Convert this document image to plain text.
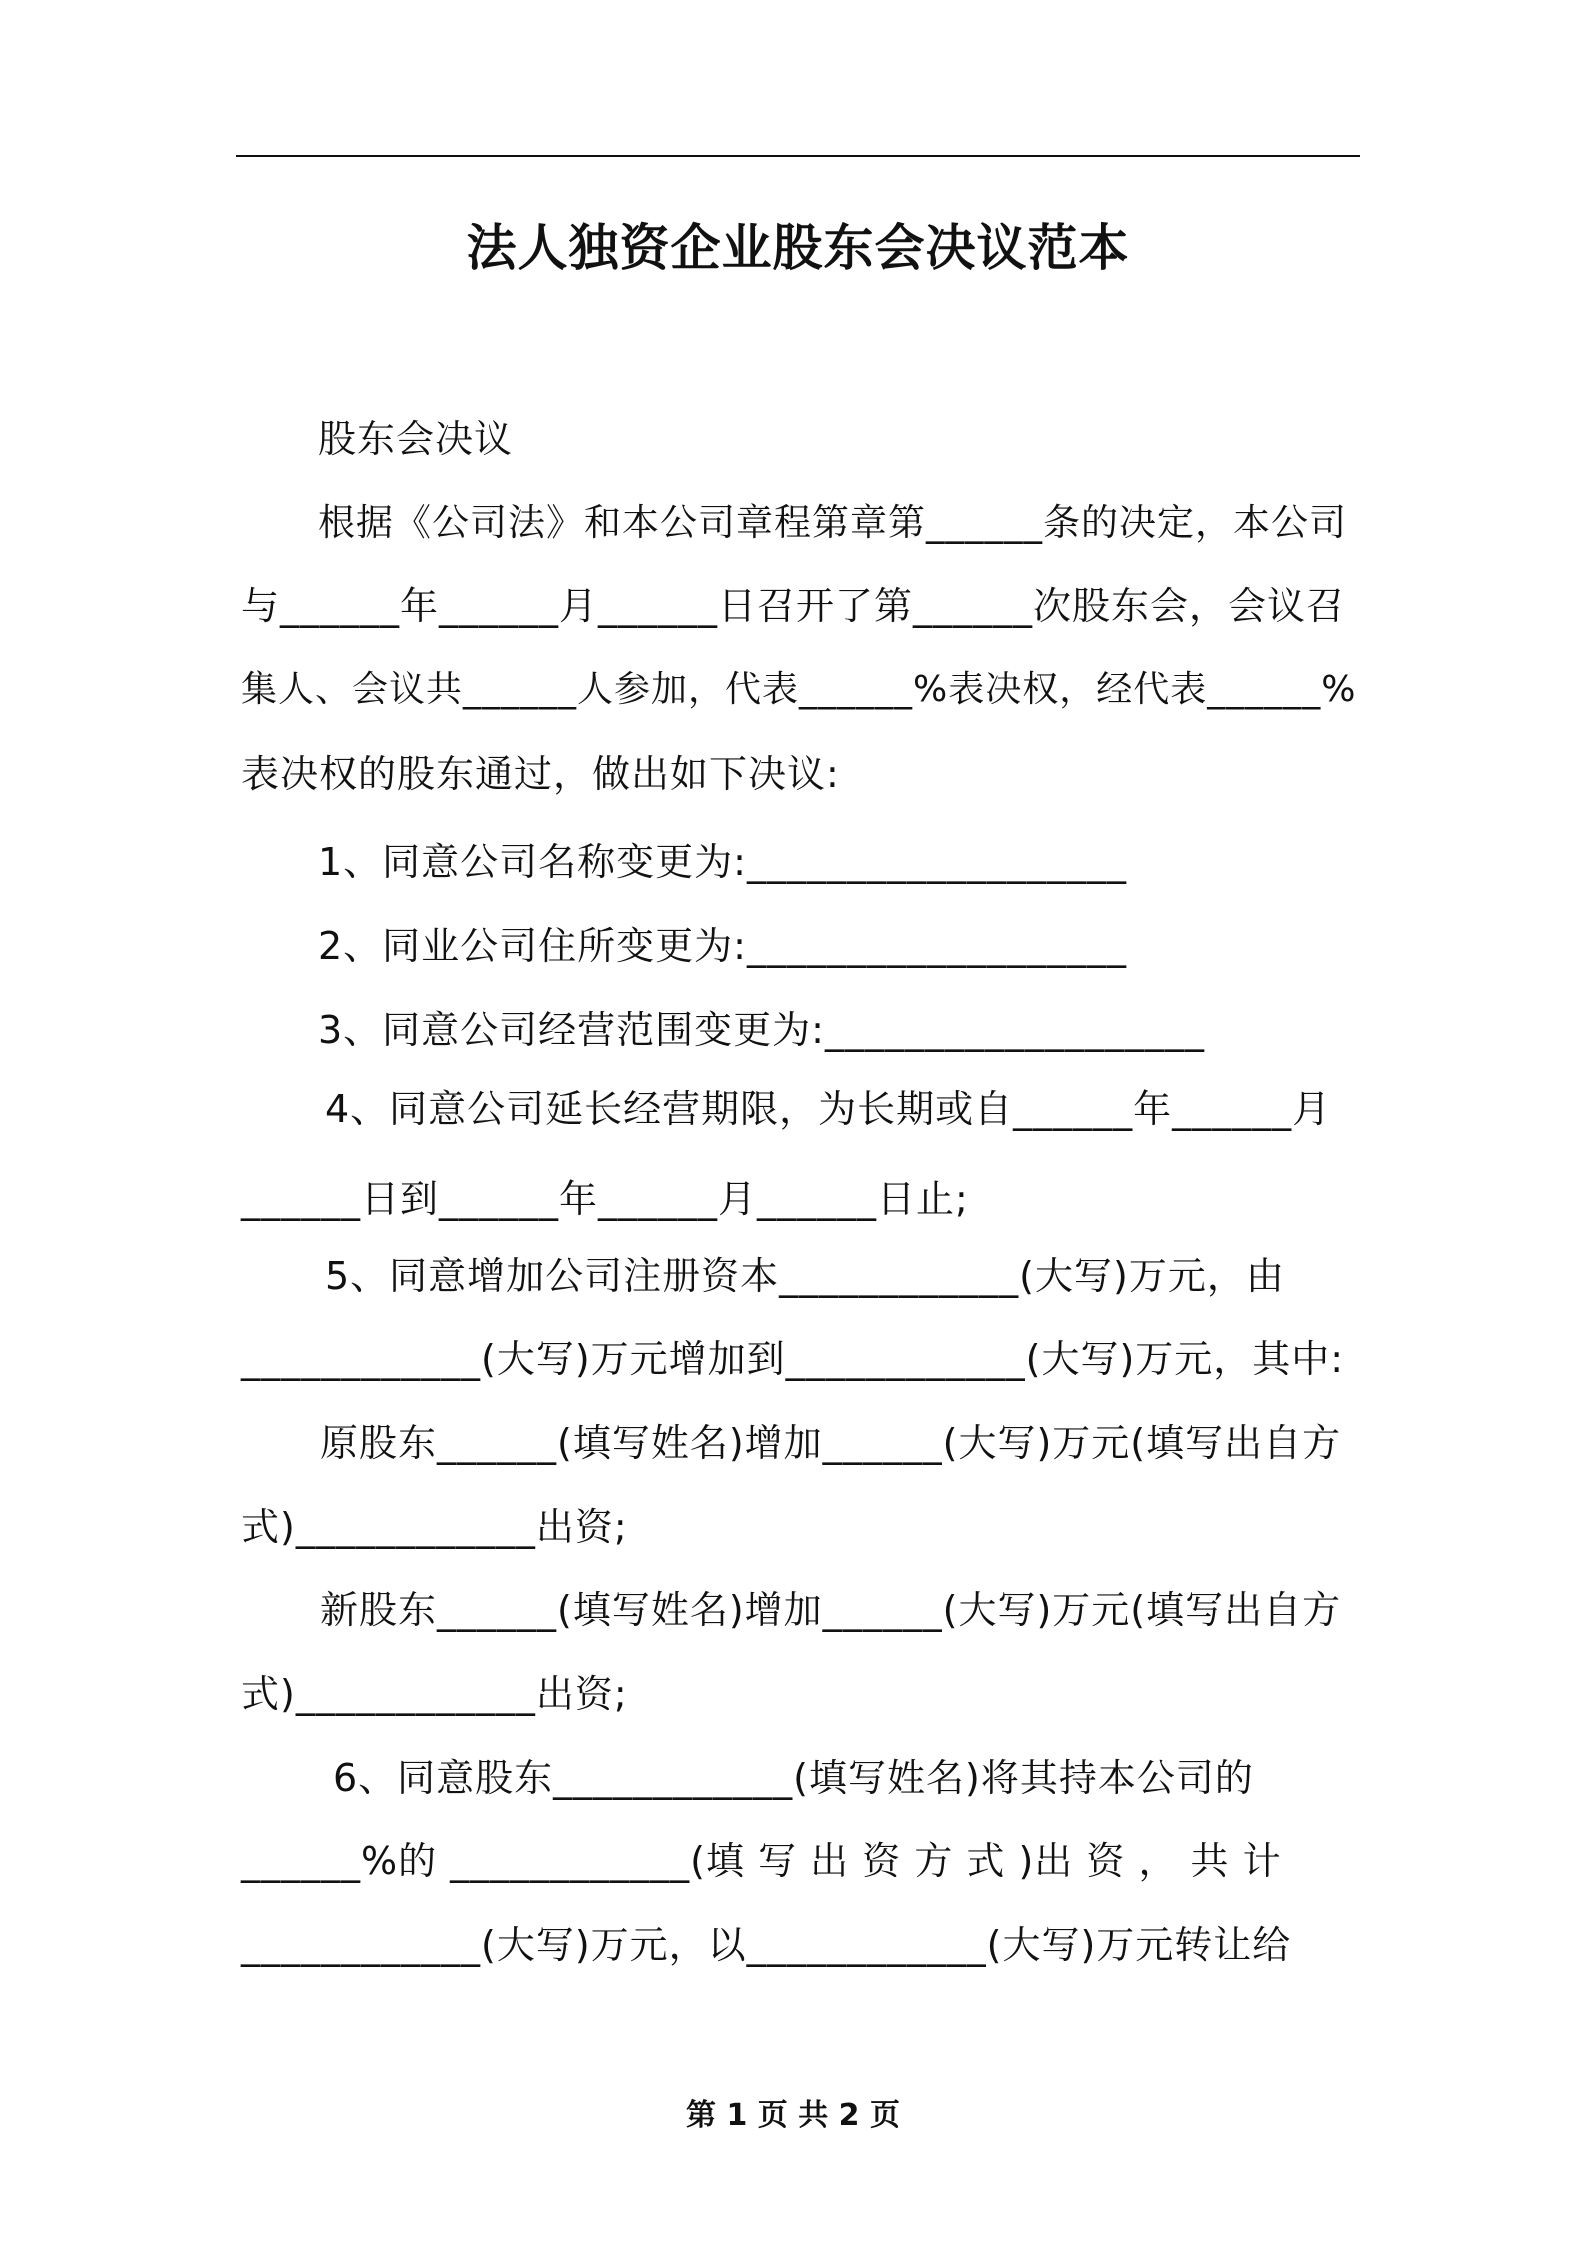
法人独资企业股东会决议范本
股东会决议
根据《公司法》和本公司章程第章第______条的决定，本公司
与______年______月______日召开了第______次股东会，会议召
集人、会议共______人参加，代表______%表决权，经代表______%
表决权的股东通过，做出如下决议:
1、同意公司名称变更为:___________________
2、同业公司住所变更为:___________________
3、同意公司经营范围变更为:___________________
4、同意公司延长经营期限，为长期或自______年______月
______日到______年______月______日止;
5、同意增加公司注册资本____________(大写)万元，由
____________(大写)万元增加到____________(大写)万元，其中:
原股东______(填写姓名)增加______(大写)万元(填写出自方
式)____________出资;
新股东______(填写姓名)增加______(大写)万元(填写出自方
式)____________出资;
6、同意股东____________(填写姓名)将其持本公司的
______%的 ____________(填 写 出 资 方 式 )出 资 ， 共 计
____________(大写)万元，以____________(大写)万元转让给
第 1 页 共 2 页
